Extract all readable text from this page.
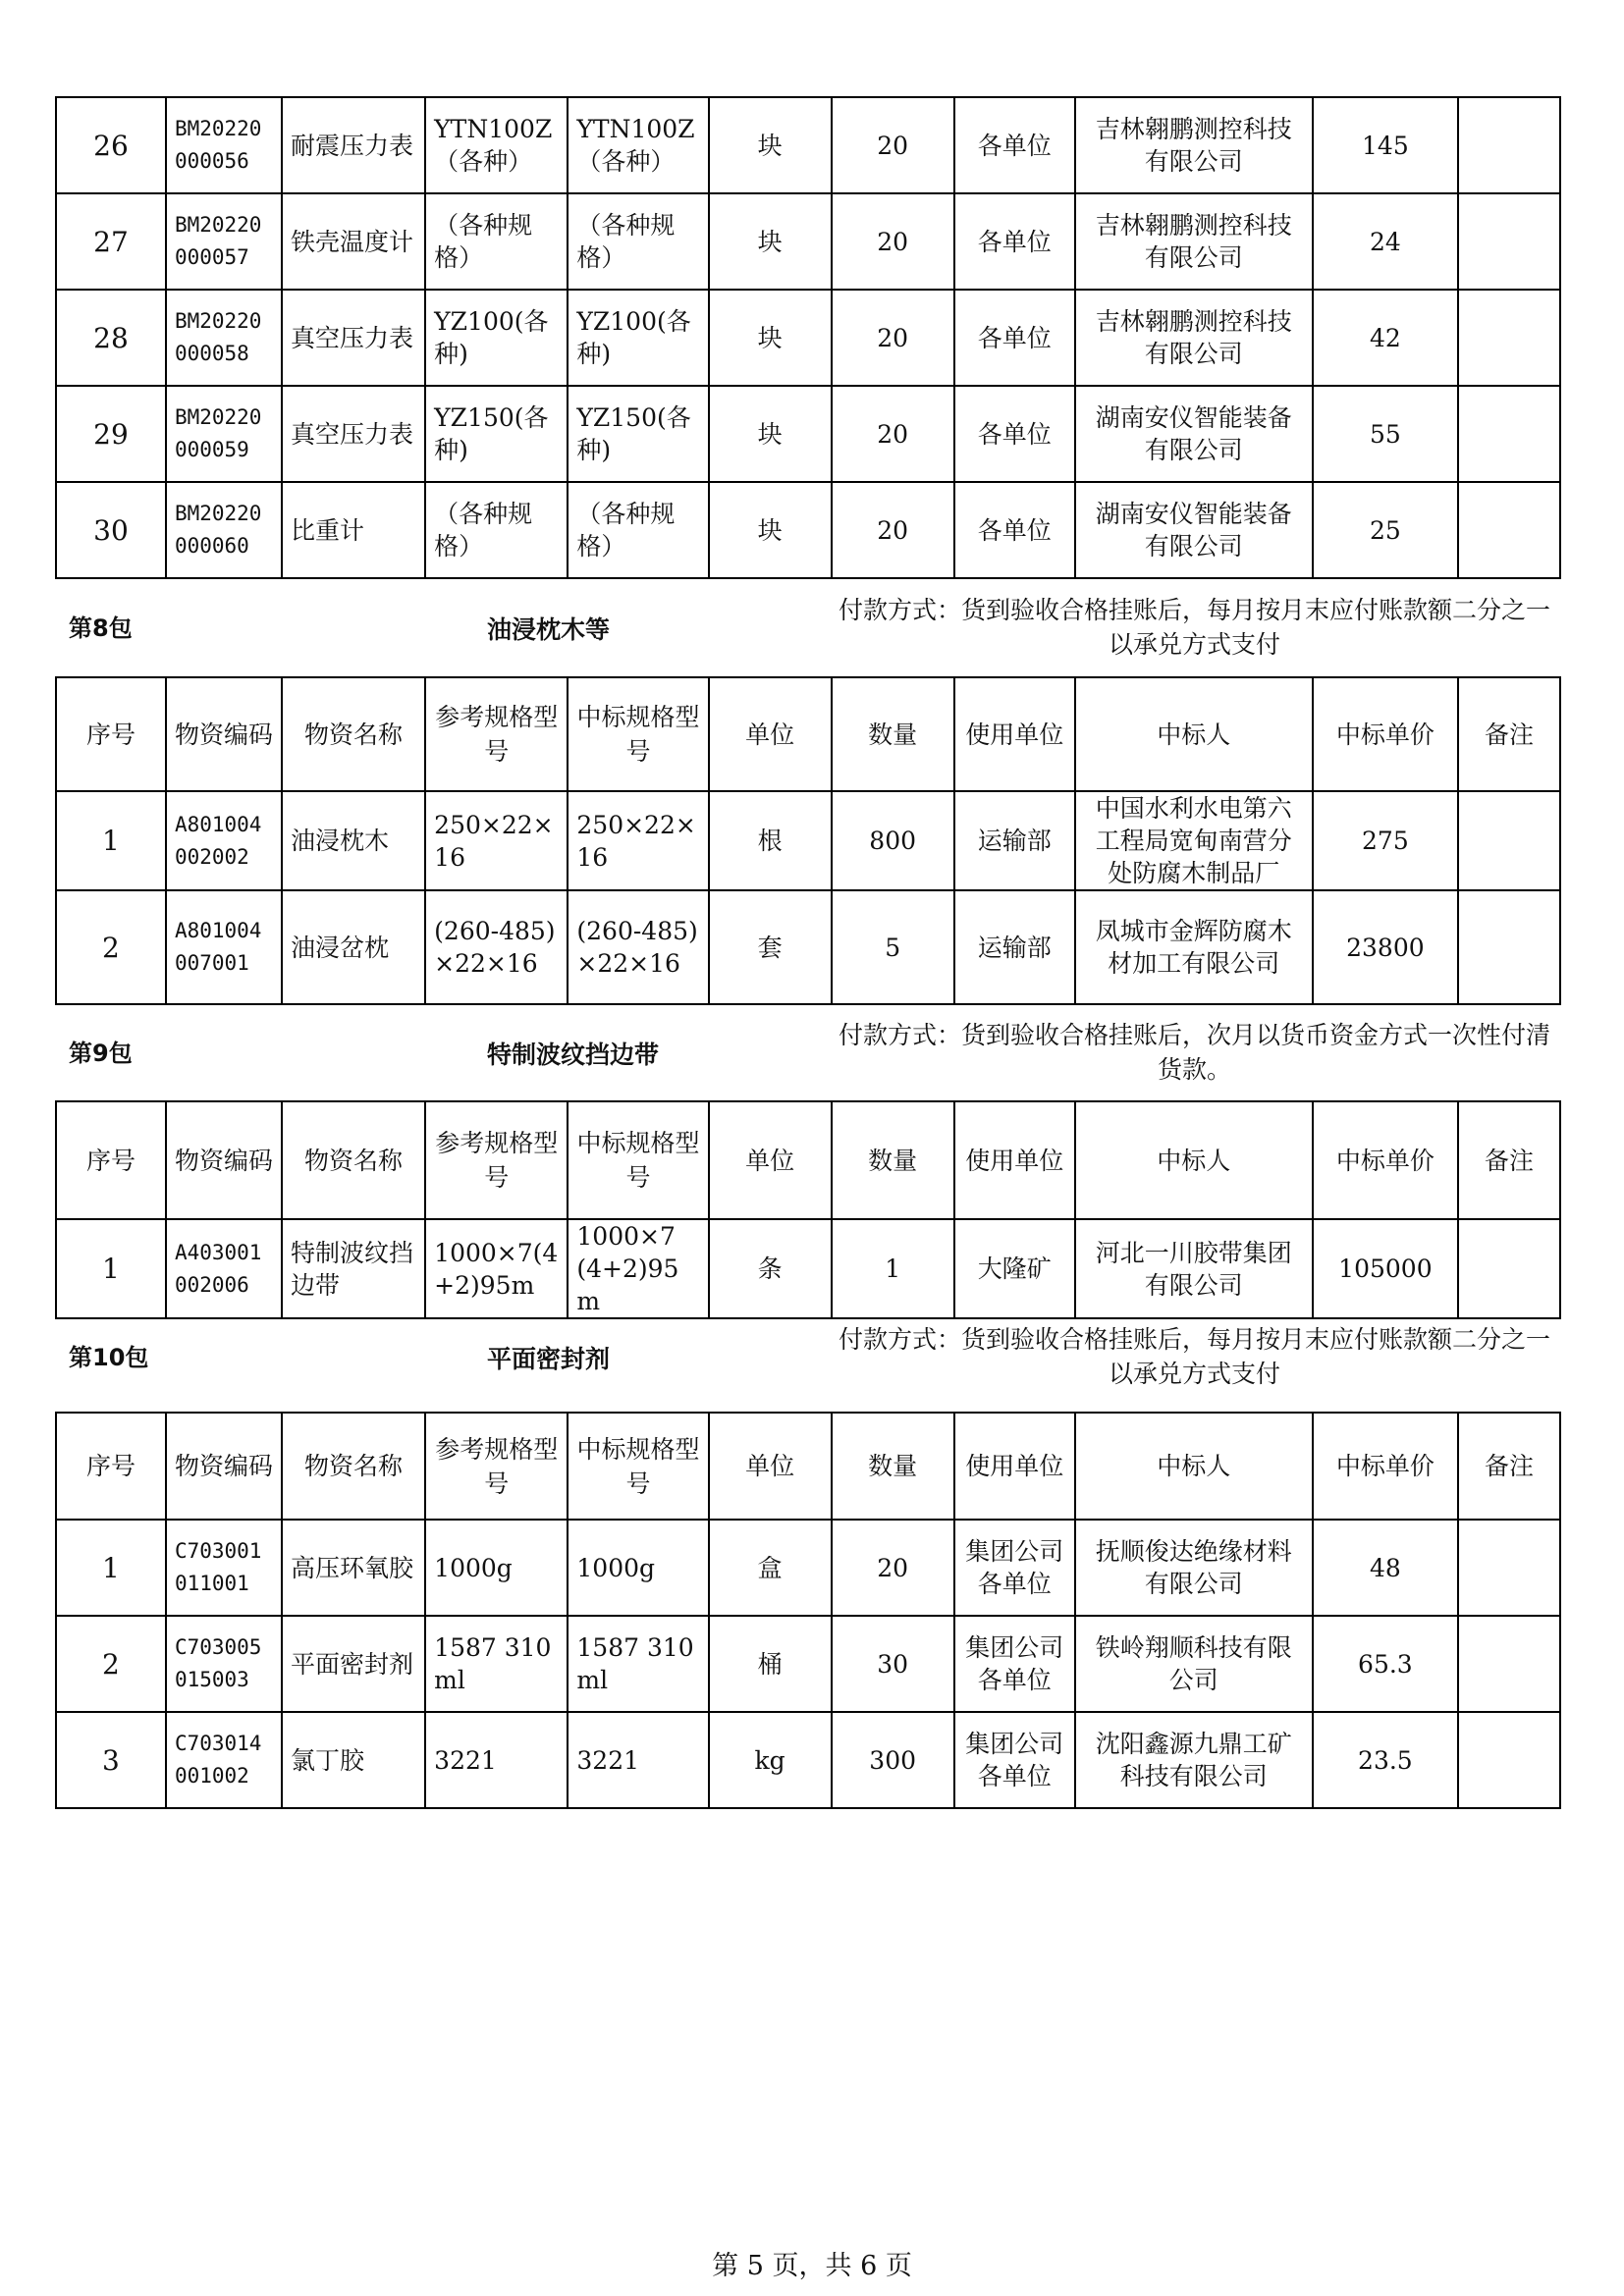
26	BM20220000056	耐震压力表	YTN100Z（各种）	YTN100Z（各种）	块	20	各单位	吉林翱鹏测控科技有限公司	145	
27	BM20220000057	铁壳温度计	（各种规格）	（各种规格）	块	20	各单位	吉林翱鹏测控科技有限公司	24	
28	BM20220000058	真空压力表	YZ100(各种)	YZ100(各种)	块	20	各单位	吉林翱鹏测控科技有限公司	42	
29	BM20220000059	真空压力表	YZ150(各种)	YZ150(各种)	块	20	各单位	湖南安仪智能装备有限公司	55	
30	BM20220000060	比重计	（各种规格）	（各种规格）	块	20	各单位	湖南安仪智能装备有限公司	25	
第8包	油浸枕木等
付款方式：货到验收合格挂账后，每月按月末应付账款额二分之一以承兑方式支付
序号	物资编码	物资名称	参考规格型号	中标规格型号	单位	数量	使用单位	中标人	中标单价	备注
1	A801004002002	油浸枕木	250×22×16	250×22×16	根	800	运输部	中国水利水电第六工程局宽甸南营分处防腐木制品厂	275	
2	A801004007001	油浸岔枕	(260-485)×22×16	(260-485)×22×16	套	5	运输部	凤城市金辉防腐木材加工有限公司	23800	
第9包	特制波纹挡边带
付款方式：货到验收合格挂账后，次月以货币资金方式一次性付清货款。
序号	物资编码	物资名称	参考规格型号	中标规格型号	单位	数量	使用单位	中标人	中标单价	备注
1	A403001002006	特制波纹挡边带	1000×7(4+2)95m	1000×7(4+2)95m	条	1	大隆矿	河北一川胶带集团有限公司	105000	
第10包	平面密封剂
付款方式：货到验收合格挂账后，每月按月末应付账款额二分之一以承兑方式支付
序号	物资编码	物资名称	参考规格型号	中标规格型号	单位	数量	使用单位	中标人	中标单价	备注
1	C703001011001	高压环氧胶	1000g	1000g	盒	20	集团公司各单位	抚顺俊达绝缘材料有限公司	48	
2	C703005015003	平面密封剂	1587 310ml	1587 310ml	桶	30	集团公司各单位	铁岭翔顺科技有限公司	65.3	
3	C703014001002	氯丁胶	3221	3221	kg	300	集团公司各单位	沈阳鑫源九鼎工矿科技有限公司	23.5	
第 5 页，共 6 页
